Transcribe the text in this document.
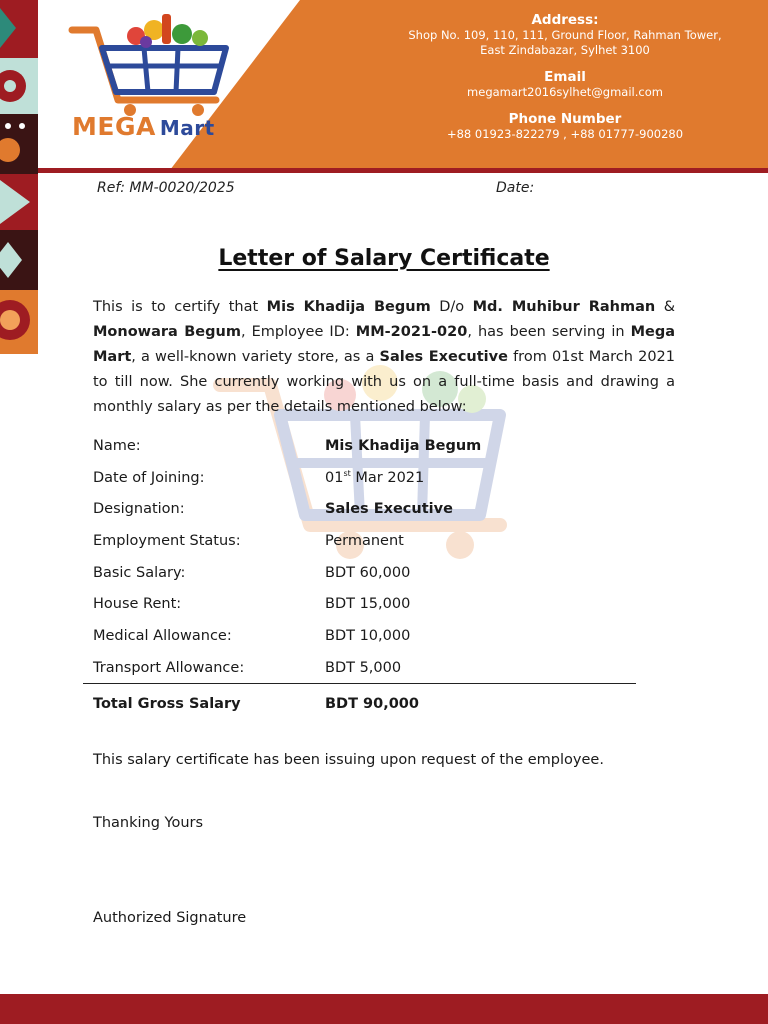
MEGA Mart
Address:
Shop No. 109, 110, 111, Ground Floor, Rahman Tower,
East Zindabazar, Sylhet 3100
Email
megamart2016sylhet@gmail.com
Phone Number
+88 01923-822279 , +88 01777-900280
Ref: MM-0020/2025	Date:
Letter of Salary Certificate
This is to certify that Mis Khadija Begum D/o Md. Muhibur Rahman & Monowara Begum, Employee ID: MM-2021-020, has been serving in Mega Mart, a well-known variety store, as a Sales Executive from 01st March 2021 to till now. She currently working with us on a full-time basis and drawing a monthly salary as per the details mentioned below:
Name:	Mis Khadija Begum
Date of Joining:	01st Mar 2021
Designation:	Sales Executive
Employment Status:	Permanent
Basic Salary:	BDT 60,000
House Rent:	BDT 15,000
Medical Allowance:	BDT 10,000
Transport Allowance:	BDT 5,000
Total Gross Salary	BDT 90,000
This salary certificate has been issuing upon request of the employee.
Thanking Yours
Authorized Signature
